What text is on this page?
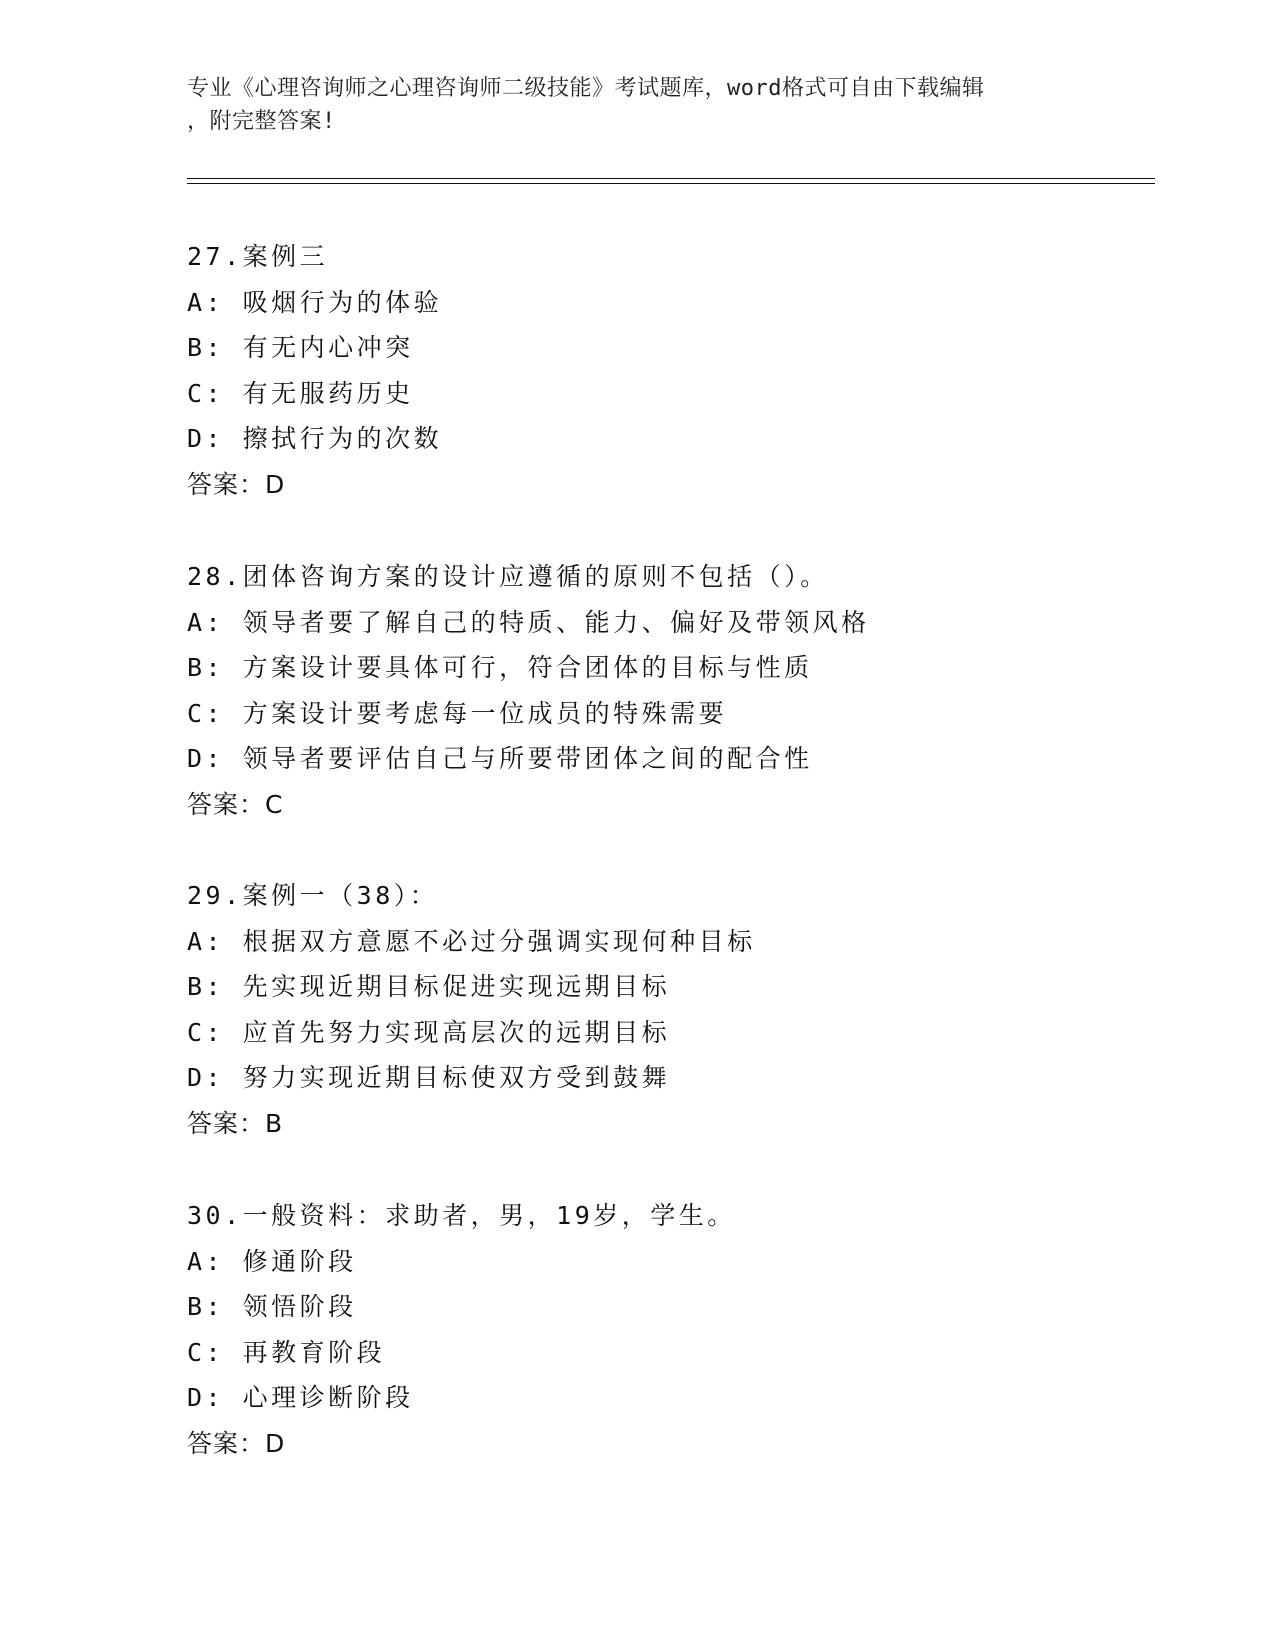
专业《心理咨询师之心理咨询师二级技能》考试题库，word格式可自由下载编辑
，附完整答案!
27.案例三
A: 吸烟行为的体验
B: 有无内心冲突
C: 有无服药历史
D: 擦拭行为的次数
答案：D
28.团体咨询方案的设计应遵循的原则不包括（）。
A: 领导者要了解自己的特质、能力、偏好及带领风格
B: 方案设计要具体可行，符合团体的目标与性质
C: 方案设计要考虑每一位成员的特殊需要
D: 领导者要评估自己与所要带团体之间的配合性
答案：C
29.案例一（38）：
A: 根据双方意愿不必过分强调实现何种目标
B: 先实现近期目标促进实现远期目标
C: 应首先努力实现高层次的远期目标
D: 努力实现近期目标使双方受到鼓舞
答案：B
30.一般资料：求助者，男，19岁，学生。
A: 修通阶段
B: 领悟阶段
C: 再教育阶段
D: 心理诊断阶段
答案：D
